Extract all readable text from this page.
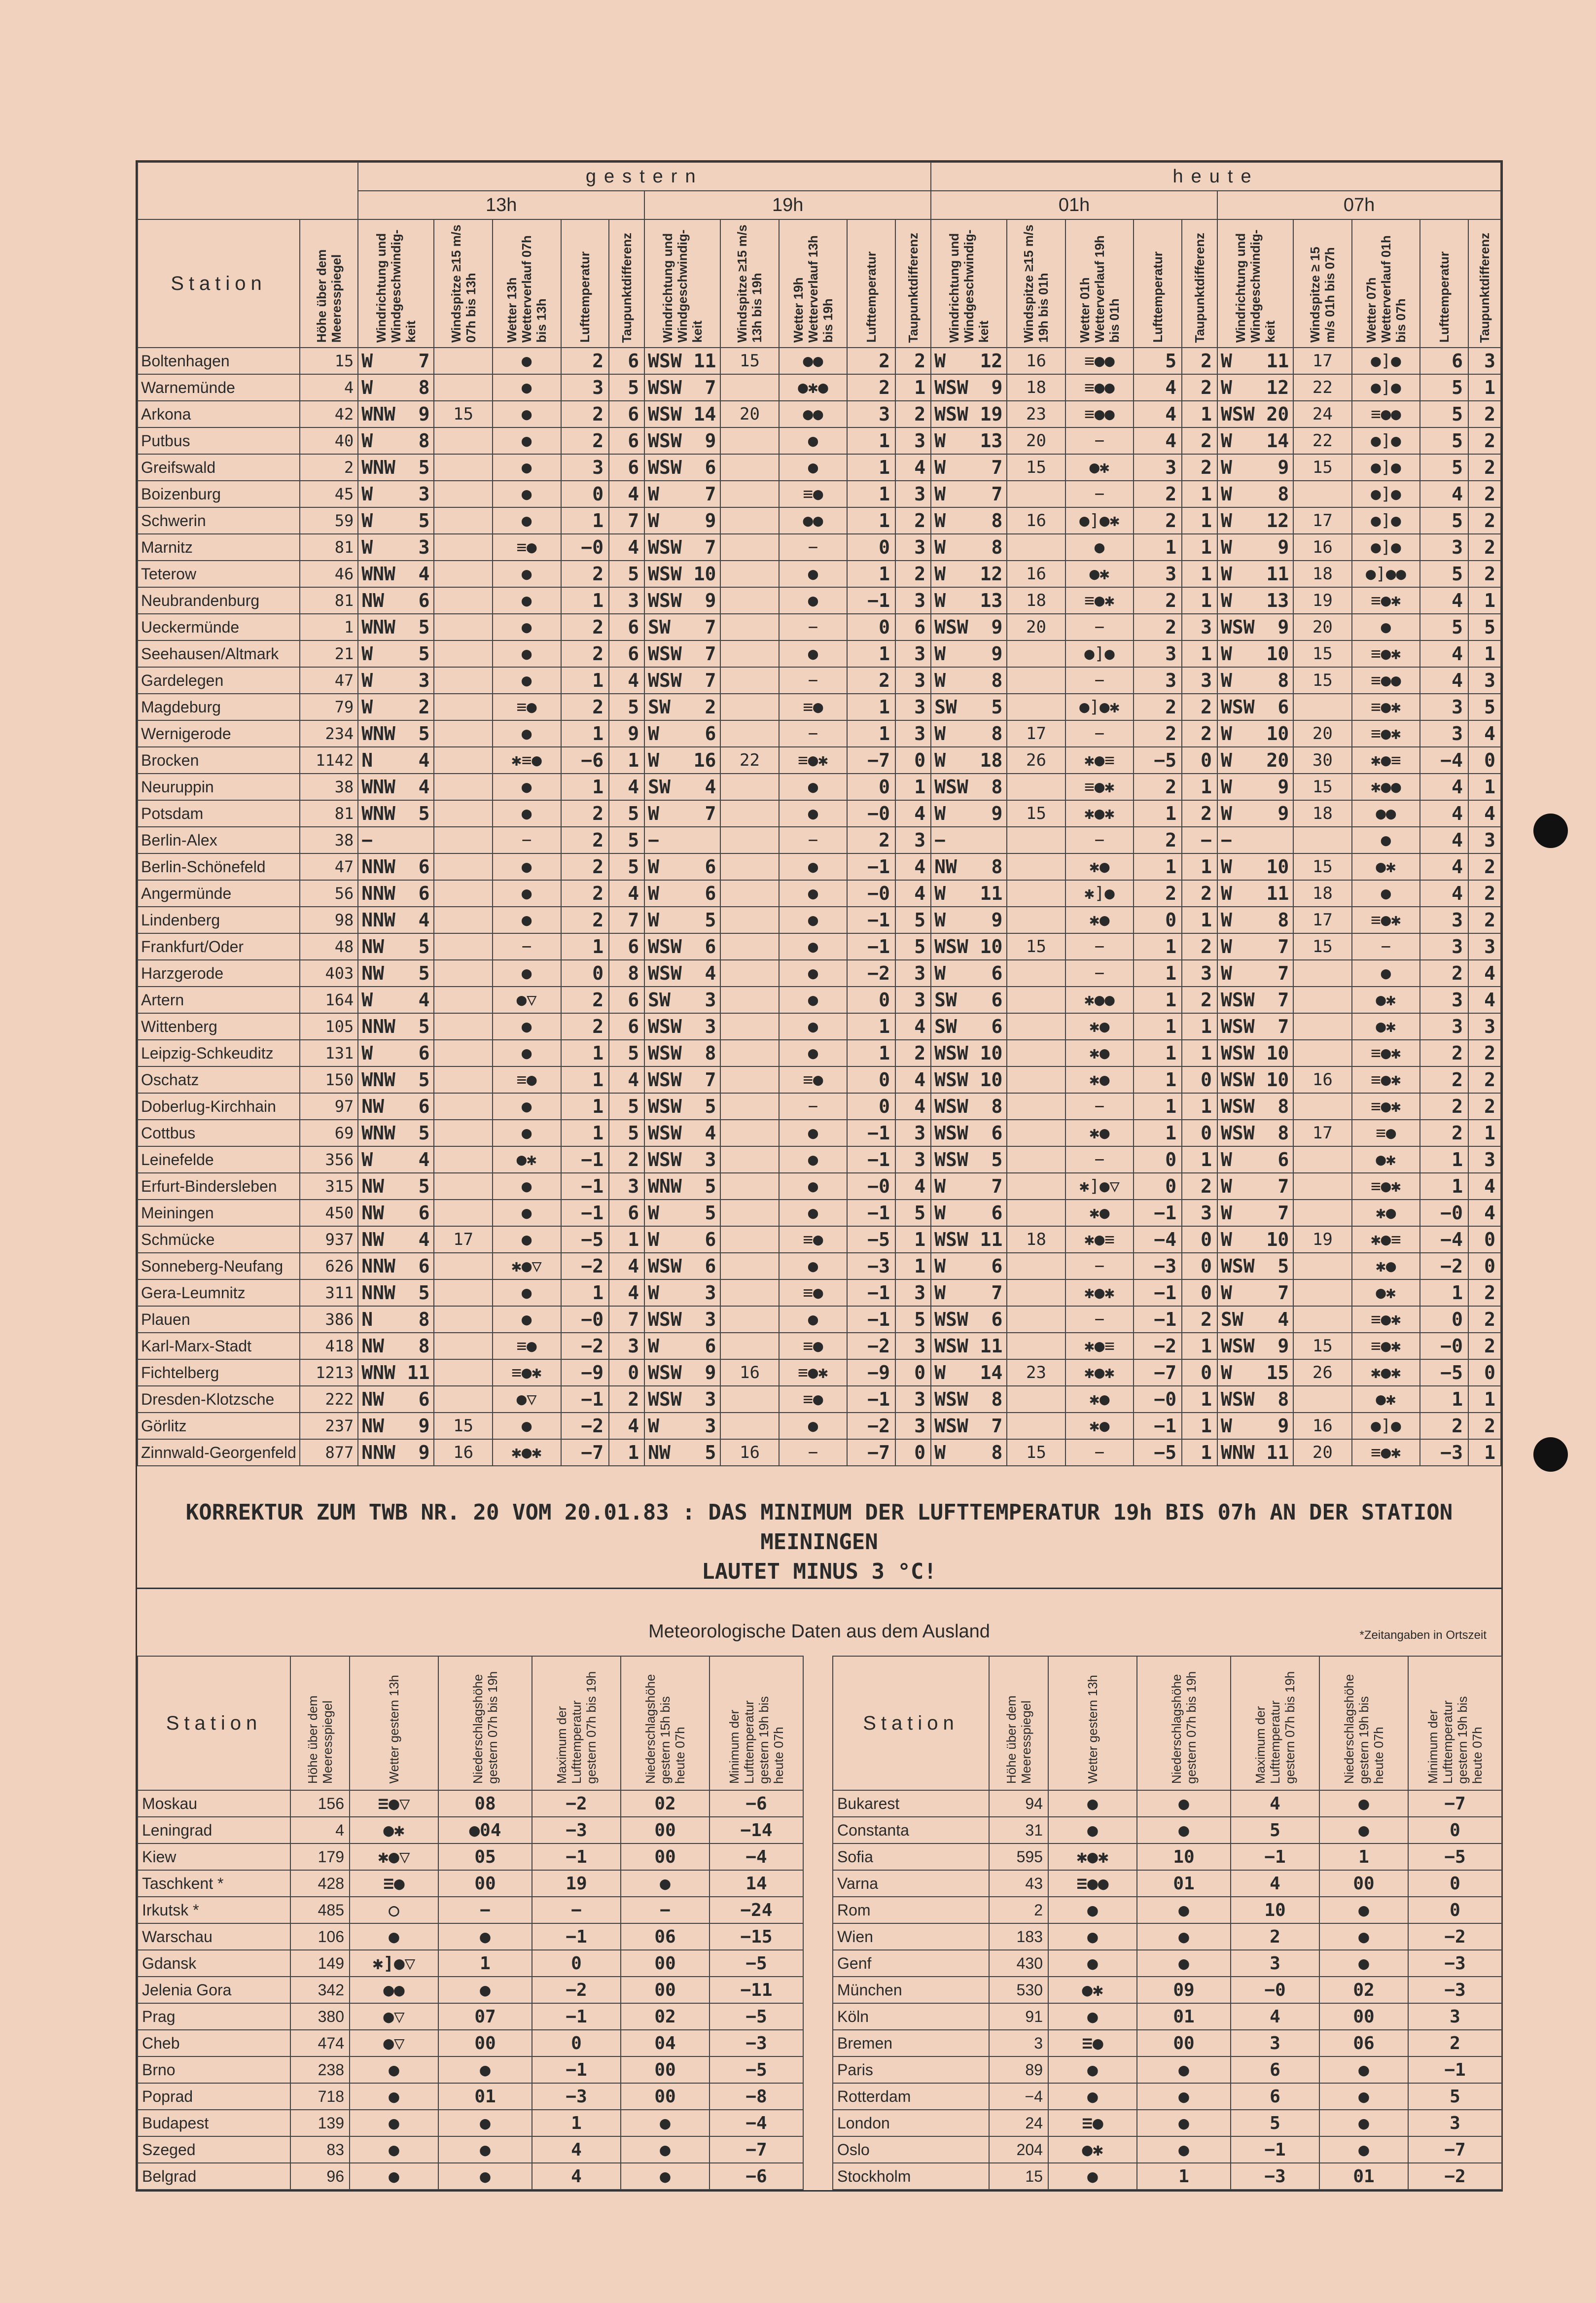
		gestern										heute									
		13h					19h					01h					07h				
Station	Höhe über dem Meeresspiegel	Windrichtung und Windgeschwindig-keit	Windspitze ≥15 m/s 07h bis 13h	Wetter 13h Wetterverlauf 07h bis 13h	Lufttemperatur	Taupunktdifferenz	Windrichtung und Windgeschwindig-keit	Windspitze ≥15 m/s 13h bis 19h	Wetter 19h Wetterverlauf 13h bis 19h	Lufttemperatur	Taupunktdifferenz	Windrichtung und Windgeschwindig-keit	Windspitze ≥15 m/s 19h bis 01h	Wetter 01h Wetterverlauf 19h bis 01h	Lufttemperatur	Taupunktdifferenz	Windrichtung und Windgeschwindig-keit	Windspitze ≥ 15 m/s 01h bis 07h	Wetter 07h Wetterverlauf 01h bis 07h	Lufttemperatur	Taupunktdifferenz
Boltenhagen	15	W 7		●	2	6	WSW 11	15	●●	2	2	W 12	16	≡●●	5	2	W 11	17	●]●	6	3
Warnemünde	4	W 8		●	3	5	WSW 7		●✱●	2	1	WSW 9	18	≡●●	4	2	W 12	22	●]●	5	1
Arkona	42	WNW 9	15	●	2	6	WSW 14	20	●●	3	2	WSW 19	23	≡●●	4	1	WSW 20	24	≡●●	5	2
Putbus	40	W 8		●	2	6	WSW 9		●	1	3	W 13	20	−	4	2	W 14	22	●]●	5	2
Greifswald	2	WNW 5		●	3	6	WSW 6		●	1	4	W 7	15	●✱	3	2	W 9	15	●]●	5	2
Boizenburg	45	W 3		●	0	4	W 7		≡●	1	3	W 7		−	2	1	W 8		●]●	4	2
Schwerin	59	W 5		●	1	7	W 9		●●	1	2	W 8	16	●]●✱	2	1	W 12	17	●]●	5	2
Marnitz	81	W 3		≡●	−0	4	WSW 7		−	0	3	W 8		●	1	1	W 9	16	●]●	3	2
Teterow	46	WNW 4		●	2	5	WSW 10		●	1	2	W 12	16	●✱	3	1	W 11	18	●]●●	5	2
Neubrandenburg	81	NW 6		●	1	3	WSW 9		●	−1	3	W 13	18	≡●✱	2	1	W 13	19	≡●✱	4	1
Ueckermünde	1	WNW 5		●	2	6	SW 7		−	0	6	WSW 9	20	−	2	3	WSW 9	20	●	5	5
Seehausen/Altmark	21	W 5		●	2	6	WSW 7		●	1	3	W 9		●]●	3	1	W 10	15	≡●✱	4	1
Gardelegen	47	W 3		●	1	4	WSW 7		−	2	3	W 8		−	3	3	W 8	15	≡●●	4	3
Magdeburg	79	W 2		≡●	2	5	SW 2		≡●	1	3	SW 5		●]●✱	2	2	WSW 6		≡●✱	3	5
Wernigerode	234	WNW 5		●	1	9	W 6		−	1	3	W 8	17	−	2	2	W 10	20	≡●✱	3	4
Brocken	1142	N 4		✱≡●	−6	1	W 16	22	≡●✱	−7	0	W 18	26	✱●≡	−5	0	W 20	30	✱●≡	−4	0
Neuruppin	38	WNW 4		●	1	4	SW 4		●	0	1	WSW 8		≡●✱	2	1	W 9	15	✱●●	4	1
Potsdam	81	WNW 5		●	2	5	W 7		●	−0	4	W 9	15	✱●✱	1	2	W 9	18	●●	4	4
Berlin-Alex	38	−		−	2	5	−		−	2	3	−		−	2	−	−		●	4	3
Berlin-Schönefeld	47	NNW 6		●	2	5	W 6		●	−1	4	NW 8		✱●	1	1	W 10	15	●✱	4	2
Angermünde	56	NNW 6		●	2	4	W 6		●	−0	4	W 11		✱]●	2	2	W 11	18	●	4	2
Lindenberg	98	NNW 4		●	2	7	W 5		●	−1	5	W 9		✱●	0	1	W 8	17	≡●✱	3	2
Frankfurt/Oder	48	NW 5		−	1	6	WSW 6		●	−1	5	WSW 10	15	−	1	2	W 7	15	−	3	3
Harzgerode	403	NW 5		●	0	8	WSW 4		●	−2	3	W 6		−	1	3	W 7		●	2	4
Artern	164	W 4		●▽	2	6	SW 3		●	0	3	SW 6		✱●●	1	2	WSW 7		●✱	3	4
Wittenberg	105	NNW 5		●	2	6	WSW 3		●	1	4	SW 6		✱●	1	1	WSW 7		●✱	3	3
Leipzig-Schkeuditz	131	W 6		●	1	5	WSW 8		●	1	2	WSW 10		✱●	1	1	WSW 10		≡●✱	2	2
Oschatz	150	WNW 5		≡●	1	4	WSW 7		≡●	0	4	WSW 10		✱●	1	0	WSW 10	16	≡●✱	2	2
Doberlug-Kirchhain	97	NW 6		●	1	5	WSW 5		−	0	4	WSW 8		−	1	1	WSW 8		≡●✱	2	2
Cottbus	69	WNW 5		●	1	5	WSW 4		●	−1	3	WSW 6		✱●	1	0	WSW 8	17	≡●	2	1
Leinefelde	356	W 4		●✱	−1	2	WSW 3		●	−1	3	WSW 5		−	0	1	W 6		●✱	1	3
Erfurt-Bindersleben	315	NW 5		●	−1	3	WNW 5		●	−0	4	W 7		✱]●▽	0	2	W 7		≡●✱	1	4
Meiningen	450	NW 6		●	−1	6	W 5		●	−1	5	W 6		✱●	−1	3	W 7		✱●	−0	4
Schmücke	937	NW 4	17	●	−5	1	W 6		≡●	−5	1	WSW 11	18	✱●≡	−4	0	W 10	19	✱●≡	−4	0
Sonneberg-Neufang	626	NNW 6		✱●▽	−2	4	WSW 6		●	−3	1	W 6		−	−3	0	WSW 5		✱●	−2	0
Gera-Leumnitz	311	NNW 5		●	1	4	W 3		≡●	−1	3	W 7		✱●✱	−1	0	W 7		●✱	1	2
Plauen	386	N 8		●	−0	7	WSW 3		●	−1	5	WSW 6		−	−1	2	SW 4		≡●✱	0	2
Karl-Marx-Stadt	418	NW 8		≡●	−2	3	W 6		≡●	−2	3	WSW 11		✱●≡	−2	1	WSW 9	15	≡●✱	−0	2
Fichtelberg	1213	WNW 11		≡●✱	−9	0	WSW 9	16	≡●✱	−9	0	W 14	23	✱●✱	−7	0	W 15	26	✱●✱	−5	0
Dresden-Klotzsche	222	NW 6		●▽	−1	2	WSW 3		≡●	−1	3	WSW 8		✱●	−0	1	WSW 8		●✱	1	1
Görlitz	237	NW 9	15	●	−2	4	W 3		●	−2	3	WSW 7		✱●	−1	1	W 9	16	●]●	2	2
Zinnwald-Georgenfeld	877	NNW 9	16	✱●✱	−7	1	NW 5	16	−	−7	0	W 8	15	−	−5	1	WNW 11	20	≡●✱	−3	1
KORREKTUR ZUM TWB NR. 20 VOM 20.01.83 : DAS MINIMUM DER LUFTTEMPERATUR 19h BIS 07h AN DER STATION MEININGEN
LAUTET MINUS 3 °C!
Meteorologische Daten aus dem Ausland	*Zeitangaben in Ortszeit
Station	Höhe über dem Meeresspiegel	Wetter gestern 13h	Niederschlagshöhe gestern 07h bis 19h	Maximum der Lufttemperatur gestern 07h bis 19h	Niederschlagshöhe gestern 15h bis heute 07h	Minimum der Lufttemperatur gestern 19h bis heute 07h
Moskau	156	≡●▽	08	−2	02	−6
Leningrad	4	●✱	●04	−3	00	−14
Kiew	179	✱●▽	05	−1	00	−4
Taschkent *	428	≡●	00	19	●	14
Irkutsk *	485	○	−	−	−	−24
Warschau	106	●	●	−1	06	−15
Gdansk	149	✱]●▽	1	0	00	−5
Jelenia Gora	342	●●	●	−2	00	−11
Prag	380	●▽	07	−1	02	−5
Cheb	474	●▽	00	0	04	−3
Brno	238	●	●	−1	00	−5
Poprad	718	●	01	−3	00	−8
Budapest	139	●	●	1	●	−4
Szeged	83	●	●	4	●	−7
Belgrad	96	●	●	4	●	−6
Station	Höhe über dem Meeresspiegel	Wetter gestern 13h	Niederschlagshöhe gestern 07h bis 19h	Maximum der Lufttemperatur gestern 07h bis 19h	Niederschlagshöhe gestern 19h bis heute 07h	Minimum der Lufttemperatur gestern 19h bis heute 07h
Bukarest	94	●	●	4	●	−7
Constanta	31	●	●	5	●	0
Sofia	595	✱●✱	10	−1	1	−5
Varna	43	≡●●	01	4	00	0
Rom	2	●	●	10	●	0
Wien	183	●	●	2	●	−2
Genf	430	●	●	3	●	−3
München	530	●✱	09	−0	02	−3
Köln	91	●	01	4	00	3
Bremen	3	≡●	00	3	06	2
Paris	89	●	●	6	●	−1
Rotterdam	−4	●	●	6	●	5
London	24	≡●	●	5	●	3
Oslo	204	●✱	●	−1	●	−7
Stockholm	15	●	1	−3	01	−2
